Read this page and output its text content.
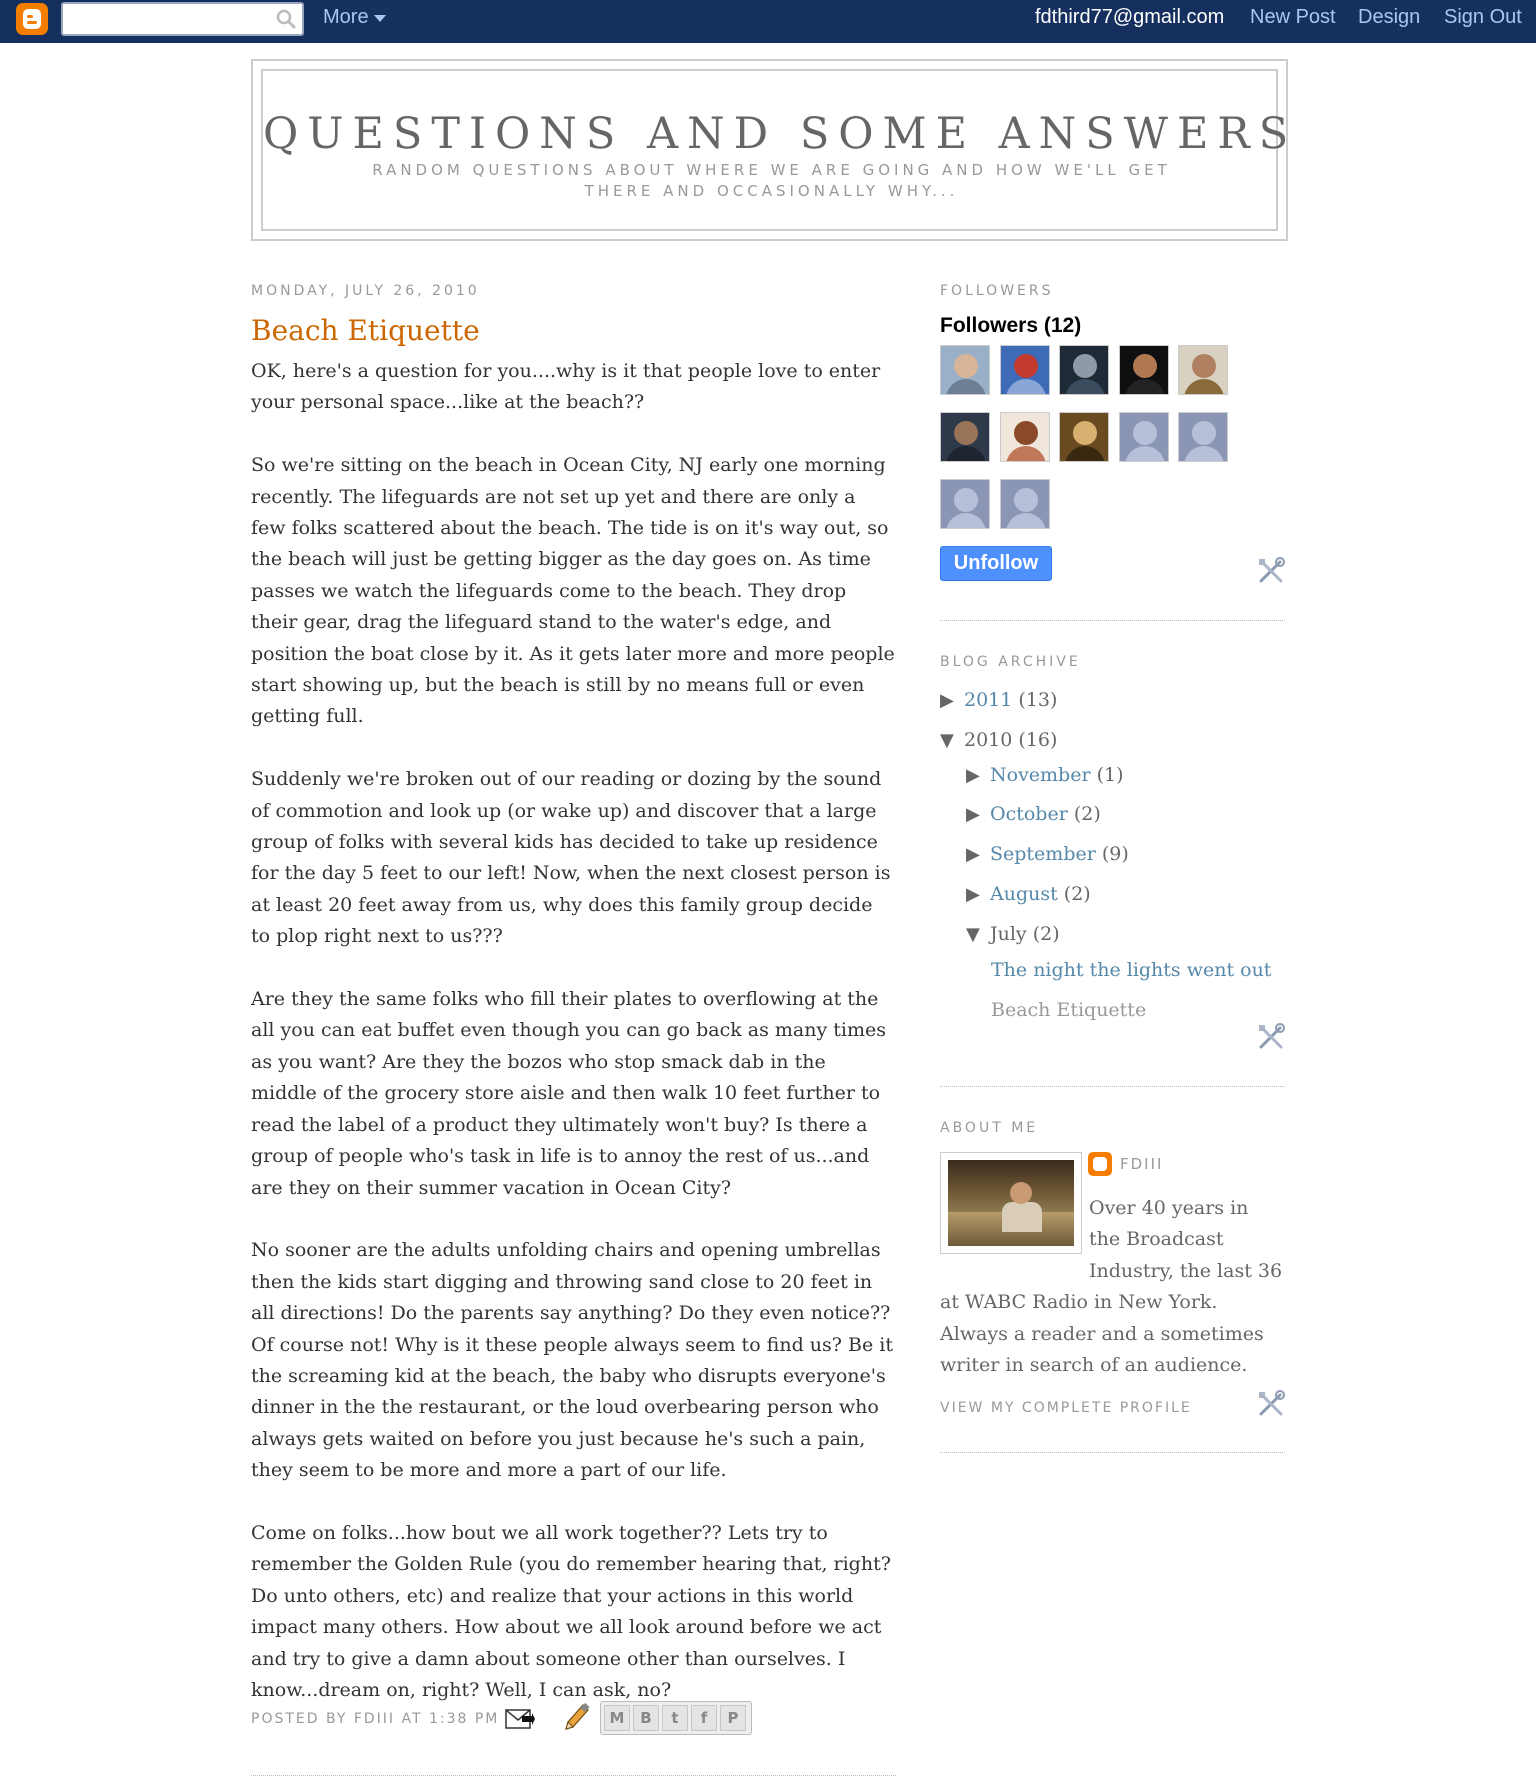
More	fdthird77@gmail.com New Post Design Sign Out
QUESTIONS AND SOME ANSWERS
RANDOM QUESTIONS ABOUT WHERE WE ARE GOING AND HOW WE'LL GET THERE AND OCCASIONALLY WHY...
MONDAY, JULY 26, 2010
Beach Etiquette

OK, here's a question for you....why is it that people love to enter your personal space...like at the beach??

So we're sitting on the beach in Ocean City, NJ early one morning recently. The lifeguards are not set up yet and there are only a few folks scattered about the beach. The tide is on it's way out, so the beach will just be getting bigger as the day goes on. As time passes we watch the lifeguards come to the beach. They drop their gear, drag the lifeguard stand to the water's edge, and position the boat close by it. As it gets later more and more people start showing up, but the beach is still by no means full or even getting full.

Suddenly we're broken out of our reading or dozing by the sound of commotion and look up (or wake up) and discover that a large group of folks with several kids has decided to take up residence for the day 5 feet to our left! Now, when the next closest person is at least 20 feet away from us, why does this family group decide to plop right next to us???

Are they the same folks who fill their plates to overflowing at the all you can eat buffet even though you can go back as many times as you want? Are they the bozos who stop smack dab in the middle of the grocery store aisle and then walk 10 feet further to read the label of a product they ultimately won't buy? Is there a group of people who's task in life is to annoy the rest of us...and are they on their summer vacation in Ocean City?

No sooner are the adults unfolding chairs and opening umbrellas then the kids start digging and throwing sand close to 20 feet in all directions! Do the parents say anything? Do they even notice?? Of course not! Why is it these people always seem to find us? Be it the screaming kid at the beach, the baby who disrupts everyone's dinner in the the restaurant, or the loud overbearing person who always gets waited on before you just because he's such a pain, they seem to be more and more a part of our life.

Come on folks...how bout we all work together?? Lets try to remember the Golden Rule (you do remember hearing that, right? Do unto others, etc) and realize that your actions in this world impact many others. How about we all look around before we act and try to give a damn about someone other than ourselves. I know...dream on, right? Well, I can ask, no?

POSTED BY FDIII AT 1:38 PM	M	B	t	f	P
FOLLOWERS
Followers (12)
Unfollow
BLOG ARCHIVE
▶ 2011 (13)
▼ 2010 (16)
▶ November (1)
▶ October (2)
▶ September (9)
▶ August (2)
▼ July (2)
The night the lights went out
Beach Etiquette
ABOUT ME
FDIII
Over 40 years in the Broadcast Industry, the last 36 at WABC Radio in New York. Always a reader and a sometimes writer in search of an audience.
VIEW MY COMPLETE PROFILE
